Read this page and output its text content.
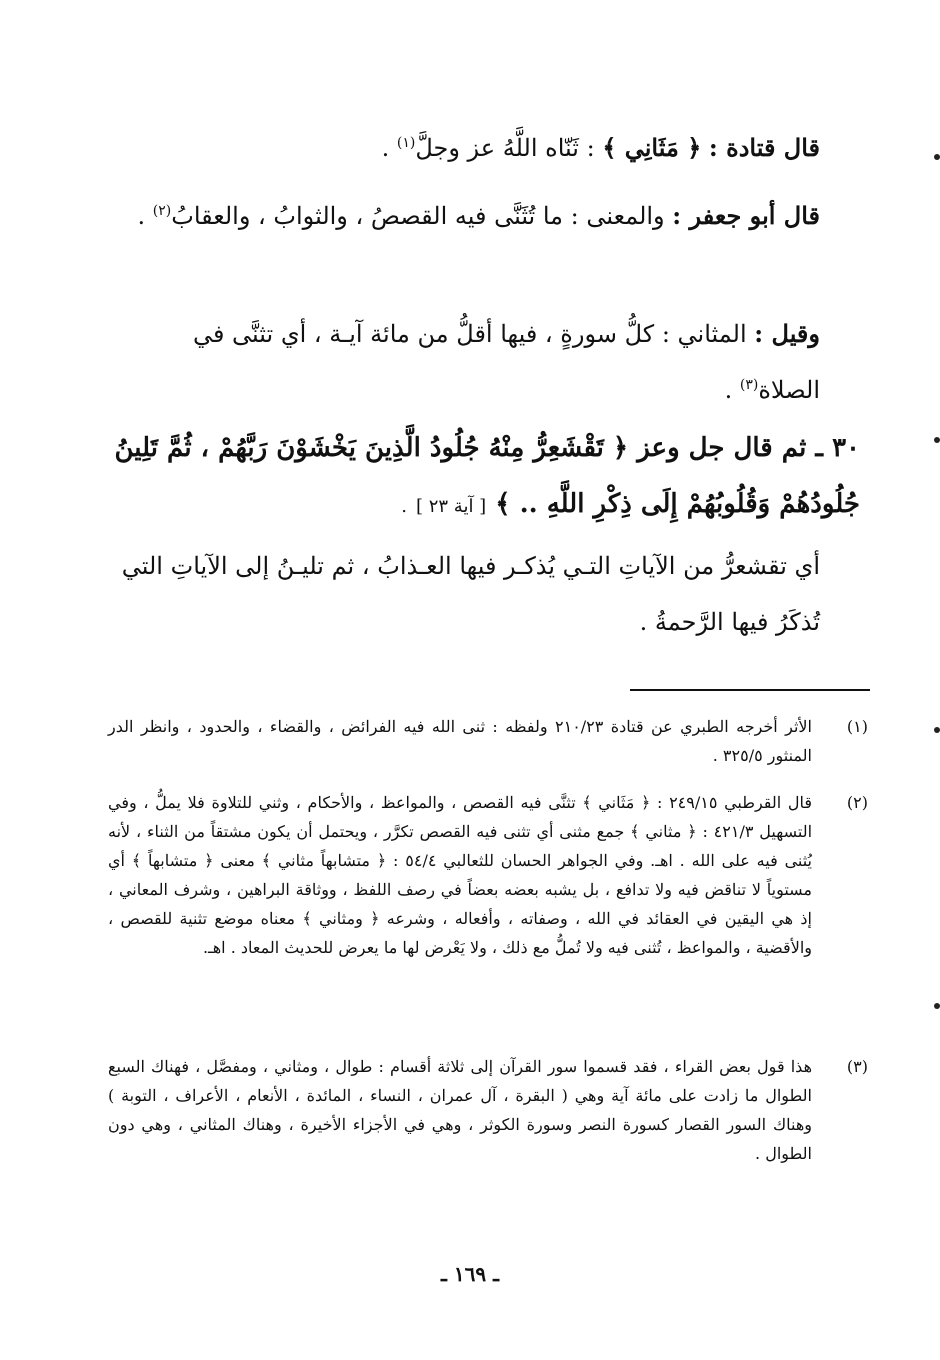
قال قتادة : ﴿ مَثَانِي ﴾ : ثَنّاه اللَّهُ عز وجلَّ$^{(١)}$ .

قال أبو جعفر : والمعنى : ما تُثَنَّى فيه القصصُ ، والثوابُ ، والعقابُ$^{(٢)}$ .

وقيل : المثاني : كلُّ سورةٍ ، فيها أقلُّ من مائة آيـة ، أي تثنَّى في الصلاة$^{(٣)}$ .

٣٠ ـ ثم قال جل وعز ﴿ تَقْشَعِرُّ مِنْهُ جُلُودُ الَّذِينَ يَخْشَوْنَ رَبَّهُمْ ، ثُمَّ تَلِينُ جُلُودُهُمْ وَقُلُوبُهُمْ إِلَى ذِكْرِ اللَّهِ .. ﴾ [ آية ٢٣ ] .

أي تقشعرُّ من الآياتِ التـي يُذكـر فيها العـذابُ ، ثم تليـنُ إلى الآياتِ التي تُذكَرُ فيها الرَّحمةُ .

(١)
الأثر أخرجه الطبري عن قتادة ٢١٠/٢٣ ولفظه : ثنى الله فيه الفرائض ، والقضاء ، والحدود ، وانظر الدر المنثور ٣٢٥/٥ .
(٢)
قال القرطبي ٢٤٩/١٥ : ﴿ مَثَاني ﴾ تثنَّى فيه القصص ، والمواعظ ، والأحكام ، وثني للتلاوة فلا يملُّ ، وفي التسهيل ٤٢١/٣ : ﴿ مثاني ﴾ جمع مثنى أي تثنى فيه القصص تكرَّر ، ويحتمل أن يكون مشتقاً من الثناء ، لأنه يُثنى فيه على الله . اهـ. وفي الجواهر الحسان للثعالبي ٥٤/٤ : ﴿ متشابهاً مثاني ﴾ معنى ﴿ متشابهاً ﴾ أي مستوياً لا تناقض فيه ولا تدافع ، بل يشبه بعضه بعضاً في رصف اللفظ ، ووثاقة البراهين ، وشرف المعاني ، إذ هي اليقين في العقائد في الله ، وصفاته ، وأفعاله ، وشرعه ﴿ ومثاني ﴾ معناه موضع تثنية للقصص ، والأقضية ، والمواعظ ، تُثنى فيه ولا تُملُّ مع ذلك ، ولا يَعْرض لها ما يعرض للحديث المعاد . اهـ.
(٣)
هذا قول بعض القراء ، فقد قسموا سور القرآن إلى ثلاثة أقسام : طوال ، ومثاني ، ومفصَّل ، فهناك السبع الطوال ما زادت على مائة آية وهي ( البقرة ، آل عمران ، النساء ، المائدة ، الأنعام ، الأعراف ، التوبة ) وهناك السور القصار كسورة النصر وسورة الكوثر ، وهي في الأجزاء الأخيرة ، وهناك المثاني ، وهي دون الطوال .
ـ ١٦٩ ـ
